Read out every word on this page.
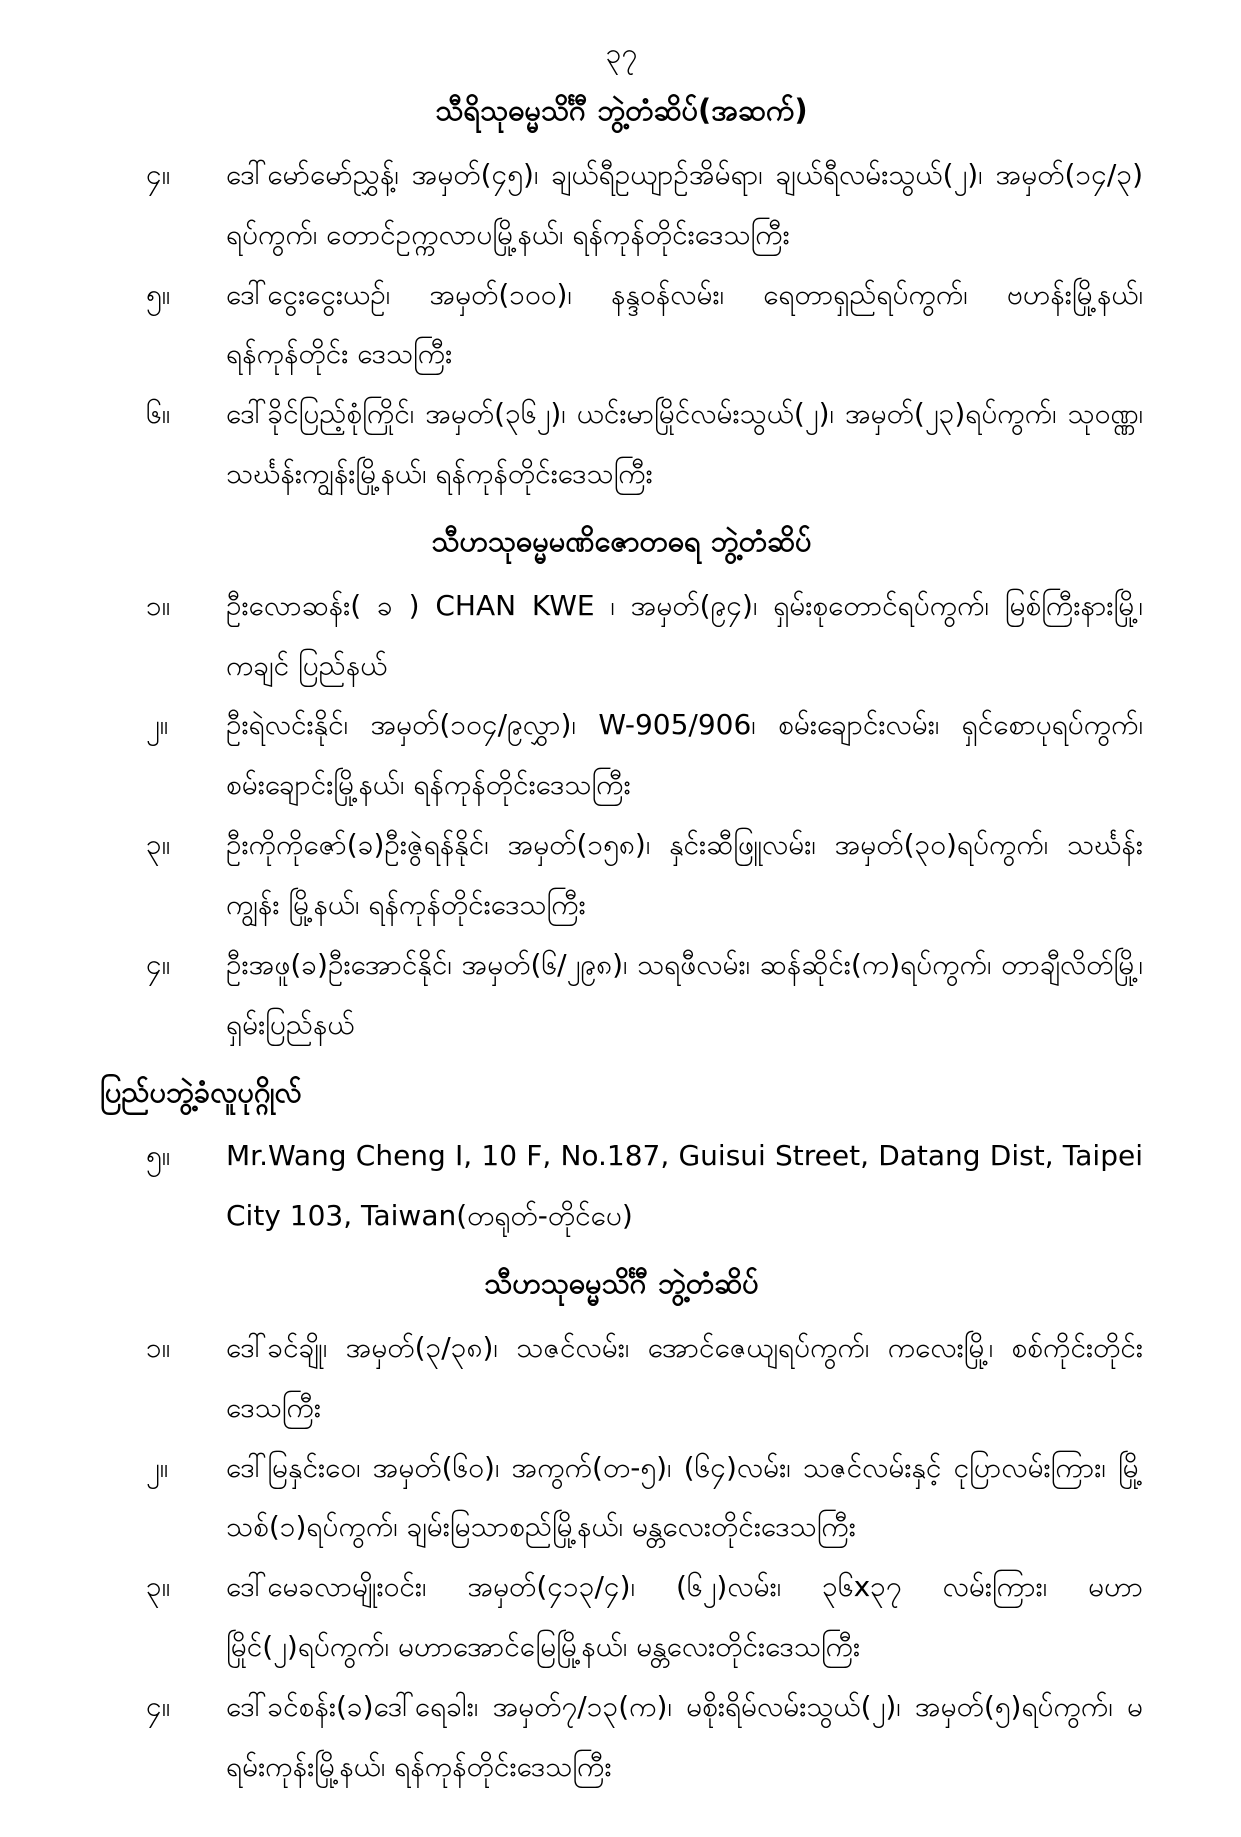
၃၇
သီရိသုဓမ္မသိင်္ဂီ ဘွဲ့တံဆိပ်(အဆက်)
၄။	ဒေါ်မော်မော်ညွှန့်၊ အမှတ်(၄၅)၊ ချယ်ရီဥယျာဉ်အိမ်ရာ၊ ချယ်ရီလမ်းသွယ်(၂)၊ အမှတ်(၁၄/၃) ရပ်ကွက်၊ တောင်ဥက္ကလာပမြို့နယ်၊ ရန်ကုန်တိုင်းဒေသကြီး
၅။	ဒေါ်ငွေးငွေးယဉ်၊ အမှတ်(၁၀၀)၊ နန္ဒဝန်လမ်း၊ ရေတာရှည်ရပ်ကွက်၊ ဗဟန်းမြို့နယ်၊ ရန်ကုန်တိုင်း ဒေသကြီး
၆။	ဒေါ်ခိုင်ပြည့်စုံကြိုင်၊ အမှတ်(၃၆၂)၊ ယင်းမာမြိုင်လမ်းသွယ်(၂)၊ အမှတ်(၂၃)ရပ်ကွက်၊ သုဝဏ္ဏ၊ သင်္ဃန်းကျွန်းမြို့နယ်၊ ရန်ကုန်တိုင်းဒေသကြီး
သီဟသုဓမ္မမဏိဇောတဓရ ဘွဲ့တံဆိပ်
၁။	ဦးလောဆန်း( ခ ) CHAN KWE ၊ အမှတ်(၉၄)၊ ရှမ်းစုတောင်ရပ်ကွက်၊ မြစ်ကြီးနားမြို့၊ ကချင် ပြည်နယ်
၂။	ဦးရဲလင်းနိုင်၊ အမှတ်(၁၀၄/၉လွှာ)၊ W-905/906၊ စမ်းချောင်းလမ်း၊ ရှင်စောပုရပ်ကွက်၊ စမ်းချောင်းမြို့နယ်၊ ရန်ကုန်တိုင်းဒေသကြီး
၃။	ဦးကိုကိုဇော်(ခ)ဦးဇွဲရန်နိုင်၊ အမှတ်(၁၅၈)၊ နှင်းဆီဖြူလမ်း၊ အမှတ်(၃၀)ရပ်ကွက်၊ သင်္ဃန်းကျွန်း မြို့နယ်၊ ရန်ကုန်တိုင်းဒေသကြီး
၄။	ဦးအဖူ(ခ)ဦးအောင်နိုင်၊ အမှတ်(၆/၂၉၈)၊ သရဖီလမ်း၊ ဆန်ဆိုင်း(က)ရပ်ကွက်၊ တာချီလိတ်မြို့၊ ရှမ်းပြည်နယ်
ပြည်ပဘွဲ့ခံလူပုဂ္ဂိုလ်
၅။	Mr.Wang Cheng I, 10 F, No.187, Guisui Street, Datang Dist, Taipei City 103, Taiwan(တရုတ်-တိုင်ပေ)
သီဟသုဓမ္မသိင်္ဂီ ဘွဲ့တံဆိပ်
၁။	ဒေါ်ခင်ချို၊ အမှတ်(၃/၃၈)၊ သဇင်လမ်း၊ အောင်ဇေယျရပ်ကွက်၊ ကလေးမြို့၊ စစ်ကိုင်းတိုင်း ဒေသကြီး
၂။	ဒေါ်မြနှင်းဝေ၊ အမှတ်(၆၀)၊ အကွက်(တ-၅)၊ (၆၄)လမ်း၊ သဇင်လမ်းနှင့် ငုပြာလမ်းကြား၊ မြို့သစ်(၁)ရပ်ကွက်၊ ချမ်းမြသာစည်မြို့နယ်၊ မန္တလေးတိုင်းဒေသကြီး
၃။	ဒေါ်မေခလာမျိုးဝင်း၊ အမှတ်(၄၁၃/၄)၊ (၆၂)လမ်း၊ ၃၆x၃၇ လမ်းကြား၊ မဟာမြိုင်(၂)ရပ်ကွက်၊ မဟာအောင်မြေမြို့နယ်၊ မန္တလေးတိုင်းဒေသကြီး
၄။	ဒေါ်ခင်စန်း(ခ)ဒေါ်ရေခါး၊ အမှတ်၇/၁၃(က)၊ မစိုးရိမ်လမ်းသွယ်(၂)၊ အမှတ်(၅)ရပ်ကွက်၊ မရမ်းကုန်းမြို့နယ်၊ ရန်ကုန်တိုင်းဒေသကြီး
